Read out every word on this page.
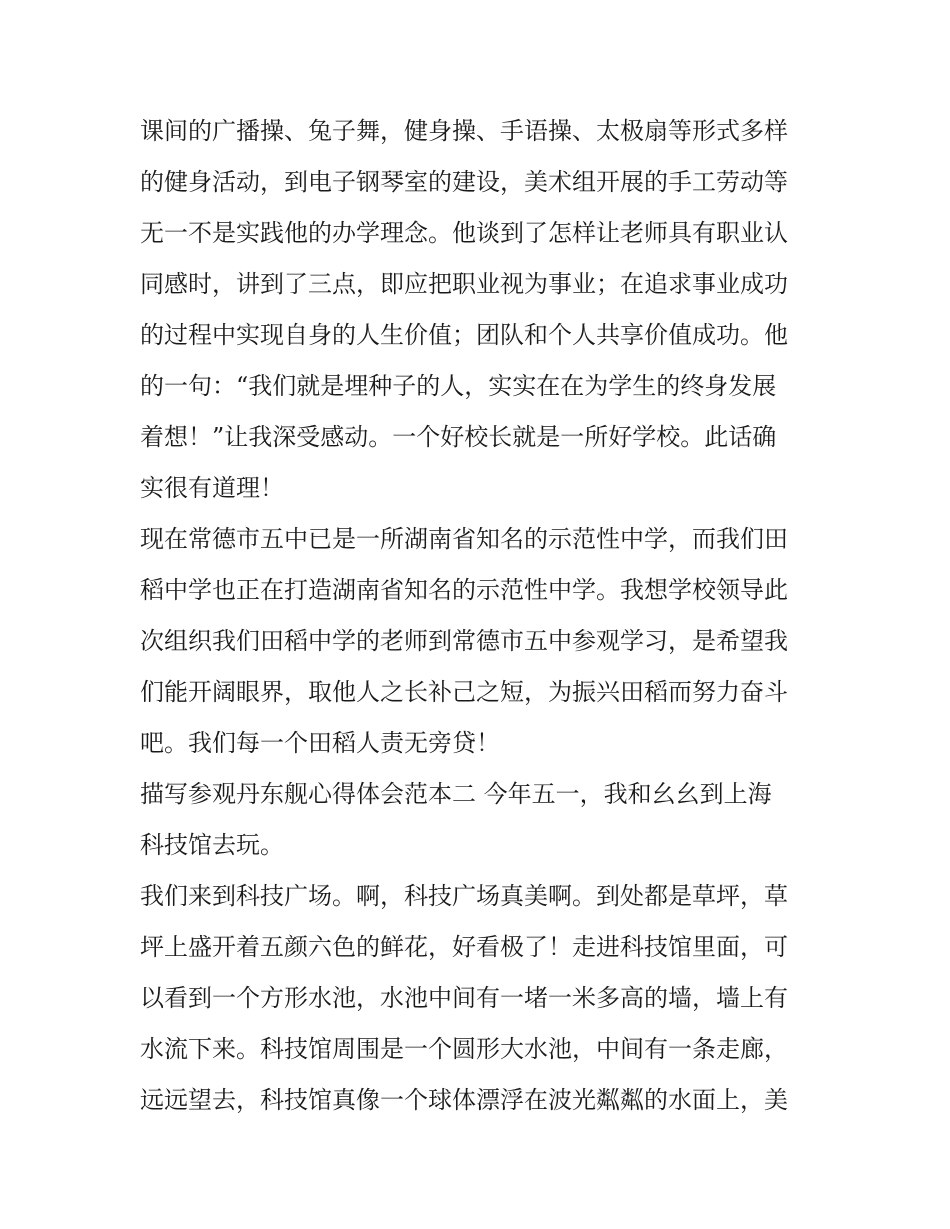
课间的广播操、兔子舞，健身操、手语操、太极扇等形式多样
的健身活动，到电子钢琴室的建设，美术组开展的手工劳动等
无一不是实践他的办学理念。他谈到了怎样让老师具有职业认
同感时，讲到了三点，即应把职业视为事业；在追求事业成功
的过程中实现自身的人生价值；团队和个人共享价值成功。他
的一句：“我们就是埋种子的人，实实在在为学生的终身发展
着想！”让我深受感动。一个好校长就是一所好学校。此话确
实很有道理！
现在常德市五中已是一所湖南省知名的示范性中学，而我们田
稻中学也正在打造湖南省知名的示范性中学。我想学校领导此
次组织我们田稻中学的老师到常德市五中参观学习，是希望我
们能开阔眼界，取他人之长补己之短，为振兴田稻而努力奋斗
吧。我们每一个田稻人责无旁贷！
描写参观丹东舰心得体会范本二 今年五一，我和幺幺到上海
科技馆去玩。
我们来到科技广场。啊，科技广场真美啊。到处都是草坪，草
坪上盛开着五颜六色的鲜花，好看极了！走进科技馆里面，可
以看到一个方形水池，水池中间有一堵一米多高的墙，墙上有
水流下来。科技馆周围是一个圆形大水池，中间有一条走廊，
远远望去，科技馆真像一个球体漂浮在波光粼粼的水面上，美
